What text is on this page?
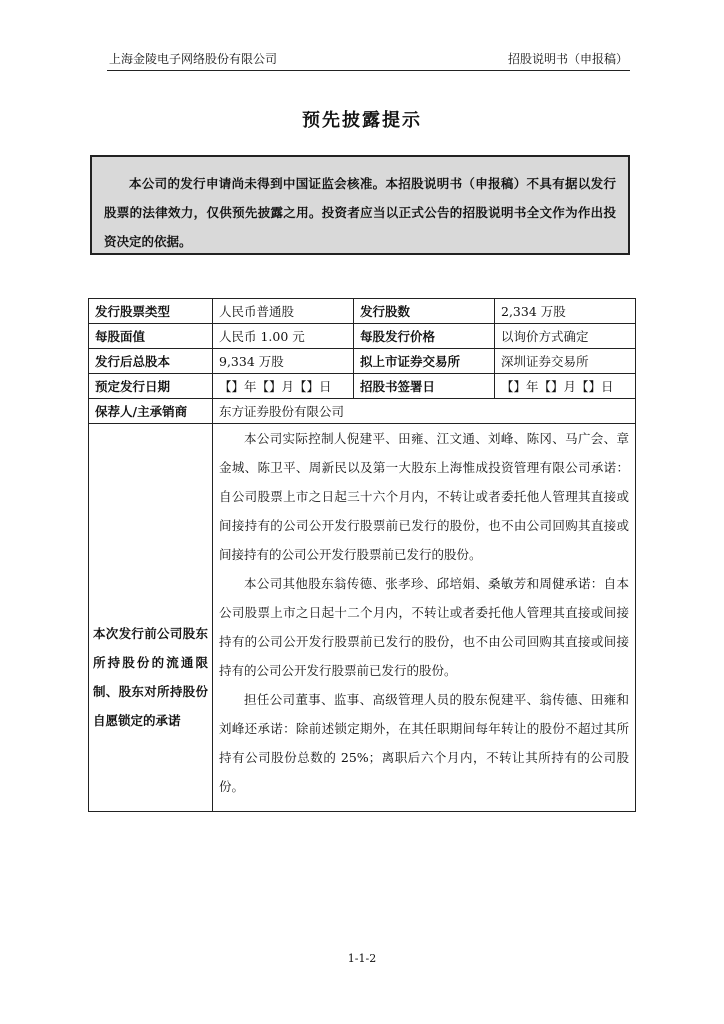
上海金陵电子网络股份有限公司	招股说明书（申报稿）
预先披露提示
本公司的发行申请尚未得到中国证监会核准。本招股说明书（申报稿）不具有据以发行股票的法律效力，仅供预先披露之用。投资者应当以正式公告的招股说明书全文作为作出投资决定的依据。
发行股票类型	人民币普通股	发行股数	2,334 万股
每股面值	人民币 1.00 元	每股发行价格	以询价方式确定
发行后总股本	9,334 万股	拟上市证券交易所	深圳证券交易所
预定发行日期	【】年【】月【】日	招股书签署日	【】年【】月【】日
保荐人/主承销商	东方证券股份有限公司		

本次发行前公司股东所持股份的流通限制、股东对所持股份自愿锁定的承诺	本公司实际控制人倪建平、田雍、江文通、刘峰、陈冈、马广会、章金城、陈卫平、周新民以及第一大股东上海惟成投资管理有限公司承诺：自公司股票上市之日起三十六个月内，不转让或者委托他人管理其直接或间接持有的公司公开发行股票前已发行的股份，也不由公司回购其直接或间接持有的公司公开发行股票前已发行的股份。

本公司其他股东翁传德、张孝珍、邱培娟、桑敏芳和周健承诺：自本公司股票上市之日起十二个月内，不转让或者委托他人管理其直接或间接持有的公司公开发行股票前已发行的股份，也不由公司回购其直接或间接持有的公司公开发行股票前已发行的股份。

担任公司董事、监事、高级管理人员的股东倪建平、翁传德、田雍和刘峰还承诺：除前述锁定期外，在其任职期间每年转让的股份不超过其所持有公司股份总数的 25%；离职后六个月内，不转让其所持有的公司股份。		

1-1-2
